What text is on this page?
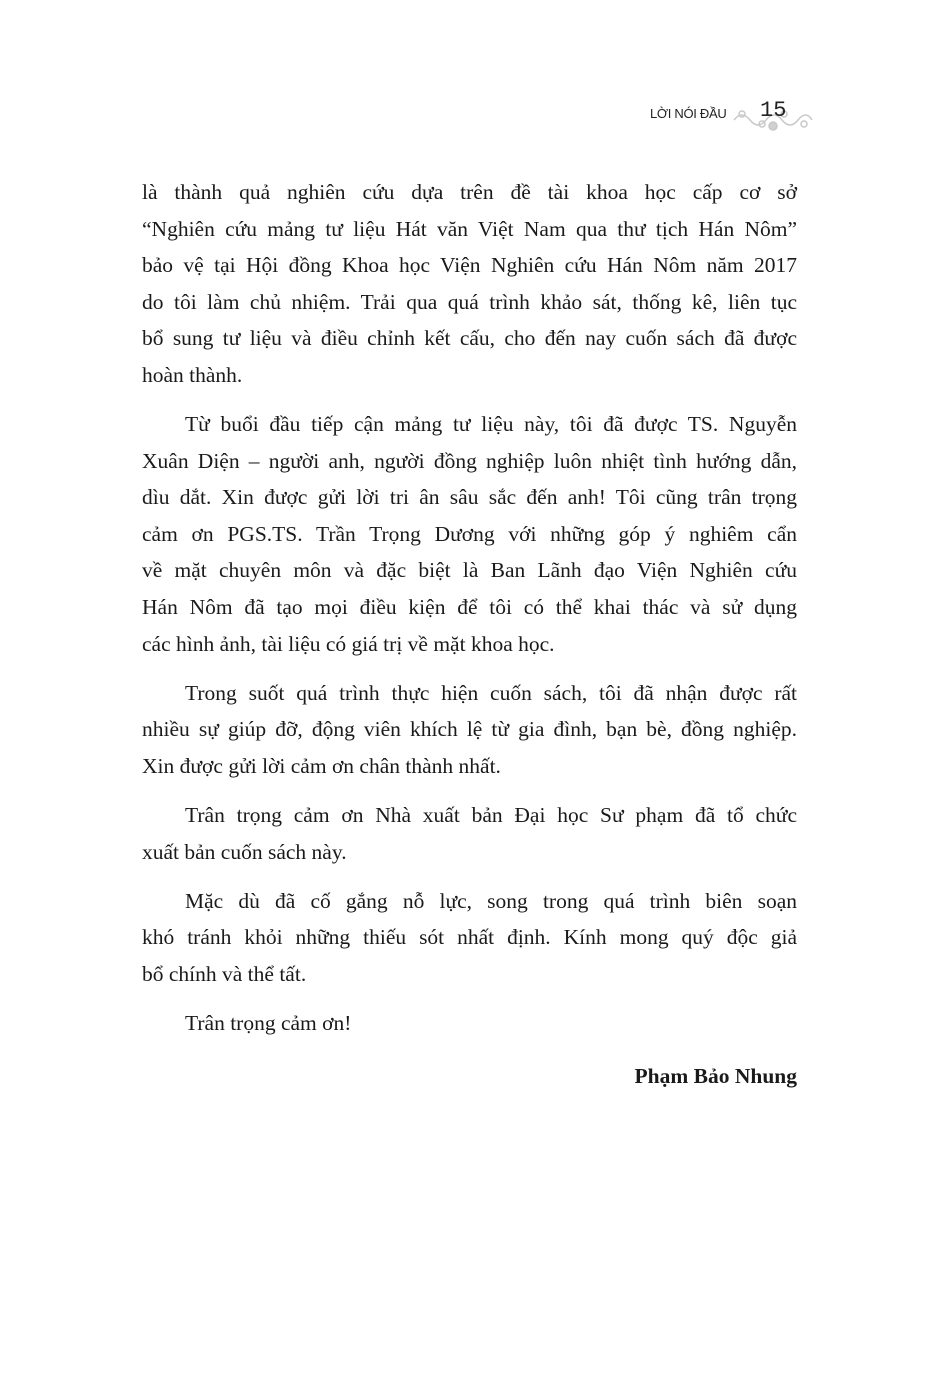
LỜI NÓI ĐẦU 15
là thành quả nghiên cứu dựa trên đề tài khoa học cấp cơ sở
“Nghiên cứu mảng tư liệu Hát văn Việt Nam qua thư tịch Hán Nôm”
bảo vệ tại Hội đồng Khoa học Viện Nghiên cứu Hán Nôm năm 2017
do tôi làm chủ nhiệm. Trải qua quá trình khảo sát, thống kê, liên tục
bổ sung tư liệu và điều chỉnh kết cấu, cho đến nay cuốn sách đã được
hoàn thành.
Từ buổi đầu tiếp cận mảng tư liệu này, tôi đã được TS. Nguyễn
Xuân Diện – người anh, người đồng nghiệp luôn nhiệt tình hướng dẫn,
dìu dắt. Xin được gửi lời tri ân sâu sắc đến anh! Tôi cũng trân trọng
cảm ơn PGS.TS. Trần Trọng Dương với những góp ý nghiêm cẩn
về mặt chuyên môn và đặc biệt là Ban Lãnh đạo Viện Nghiên cứu
Hán Nôm đã tạo mọi điều kiện để tôi có thể khai thác và sử dụng
các hình ảnh, tài liệu có giá trị về mặt khoa học.
Trong suốt quá trình thực hiện cuốn sách, tôi đã nhận được rất
nhiều sự giúp đỡ, động viên khích lệ từ gia đình, bạn bè, đồng nghiệp.
Xin được gửi lời cảm ơn chân thành nhất.
Trân trọng cảm ơn Nhà xuất bản Đại học Sư phạm đã tổ chức
xuất bản cuốn sách này.
Mặc dù đã cố gắng nỗ lực, song trong quá trình biên soạn
khó tránh khỏi những thiếu sót nhất định. Kính mong quý độc giả
bổ chính và thể tất.
Trân trọng cảm ơn!
Phạm Bảo Nhung
